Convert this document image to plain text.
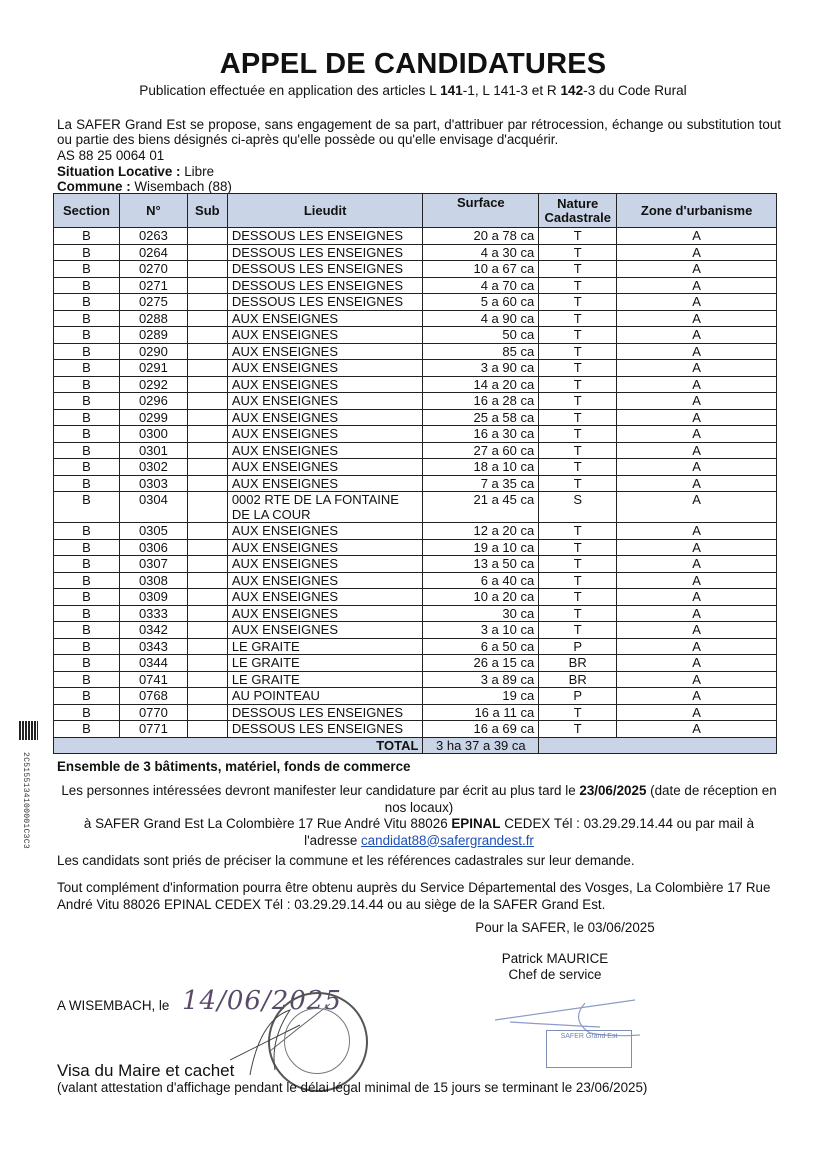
APPEL DE CANDIDATURES
Publication effectuée en application des articles L 141-1, L 141-3 et R 142-3 du Code Rural
La SAFER Grand Est se propose, sans engagement de sa part, d'attribuer par rétrocession, échange ou substitution tout ou partie des biens désignés ci-après qu'elle possède ou qu'elle envisage d'acquérir.
AS 88 25 0064 01
Situation Locative : Libre
Commune : Wisembach (88)
Section	N°	Sub	Lieudit	Surface	Nature Cadastrale	Zone d'urbanisme
B	0263		DESSOUS LES ENSEIGNES	20 a 78 ca	T	A
B	0264		DESSOUS LES ENSEIGNES	4 a 30 ca	T	A
B	0270		DESSOUS LES ENSEIGNES	10 a 67 ca	T	A
B	0271		DESSOUS LES ENSEIGNES	4 a 70 ca	T	A
B	0275		DESSOUS LES ENSEIGNES	5 a 60 ca	T	A
B	0288		AUX ENSEIGNES	4 a 90 ca	T	A
B	0289		AUX ENSEIGNES	50 ca	T	A
B	0290		AUX ENSEIGNES	85 ca	T	A
B	0291		AUX ENSEIGNES	3 a 90 ca	T	A
B	0292		AUX ENSEIGNES	14 a 20 ca	T	A
B	0296		AUX ENSEIGNES	16 a 28 ca	T	A
B	0299		AUX ENSEIGNES	25 a 58 ca	T	A
B	0300		AUX ENSEIGNES	16 a 30 ca	T	A
B	0301		AUX ENSEIGNES	27 a 60 ca	T	A
B	0302		AUX ENSEIGNES	18 a 10 ca	T	A
B	0303		AUX ENSEIGNES	7 a 35 ca	T	A
B	0304		0002 RTE DE LA FONTAINE DE LA COUR	21 a 45 ca	S	A
B	0305		AUX ENSEIGNES	12 a 20 ca	T	A
B	0306		AUX ENSEIGNES	19 a 10 ca	T	A
B	0307		AUX ENSEIGNES	13 a 50 ca	T	A
B	0308		AUX ENSEIGNES	6 a 40 ca	T	A
B	0309		AUX ENSEIGNES	10 a 20 ca	T	A
B	0333		AUX ENSEIGNES	30 ca	T	A
B	0342		AUX ENSEIGNES	3 a 10 ca	T	A
B	0343		LE GRAITE	6 a 50 ca	P	A
B	0344		LE GRAITE	26 a 15 ca	BR	A
B	0741		LE GRAITE	3 a 89 ca	BR	A
B	0768		AU POINTEAU	19 ca	P	A
B	0770		DESSOUS LES ENSEIGNES	16 a 11 ca	T	A
B	0771		DESSOUS LES ENSEIGNES	16 a 69 ca	T	A
TOTAL				3 ha 37 a 39 ca		
Ensemble de 3 bâtiments, matériel, fonds de commerce
Les personnes intéressées devront manifester leur candidature par écrit au plus tard le 23/06/2025 (date de réception en nos locaux)
à SAFER Grand Est La Colombière 17 Rue André Vitu 88026 EPINAL CEDEX Tél : 03.29.29.14.44 ou par mail à l'adresse candidat88@safergrandest.fr
Les candidats sont priés de préciser la commune et les références cadastrales sur leur demande.
Tout complément d'information pourra être obtenu auprès du Service Départemental des Vosges, La Colombière 17 Rue André Vitu 88026 EPINAL CEDEX Tél : 03.29.29.14.44 ou au siège de la SAFER Grand Est.
Pour la SAFER, le 03/06/2025
Patrick MAURICE
Chef de service
SAFER Grand Est
A WISEMBACH, le 14/06/2025
Visa du Maire et cachet
(valant attestation d'affichage pendant le délai légal minimal de 15 jours se terminant le 23/06/2025)
2C5155134100001C3C3
